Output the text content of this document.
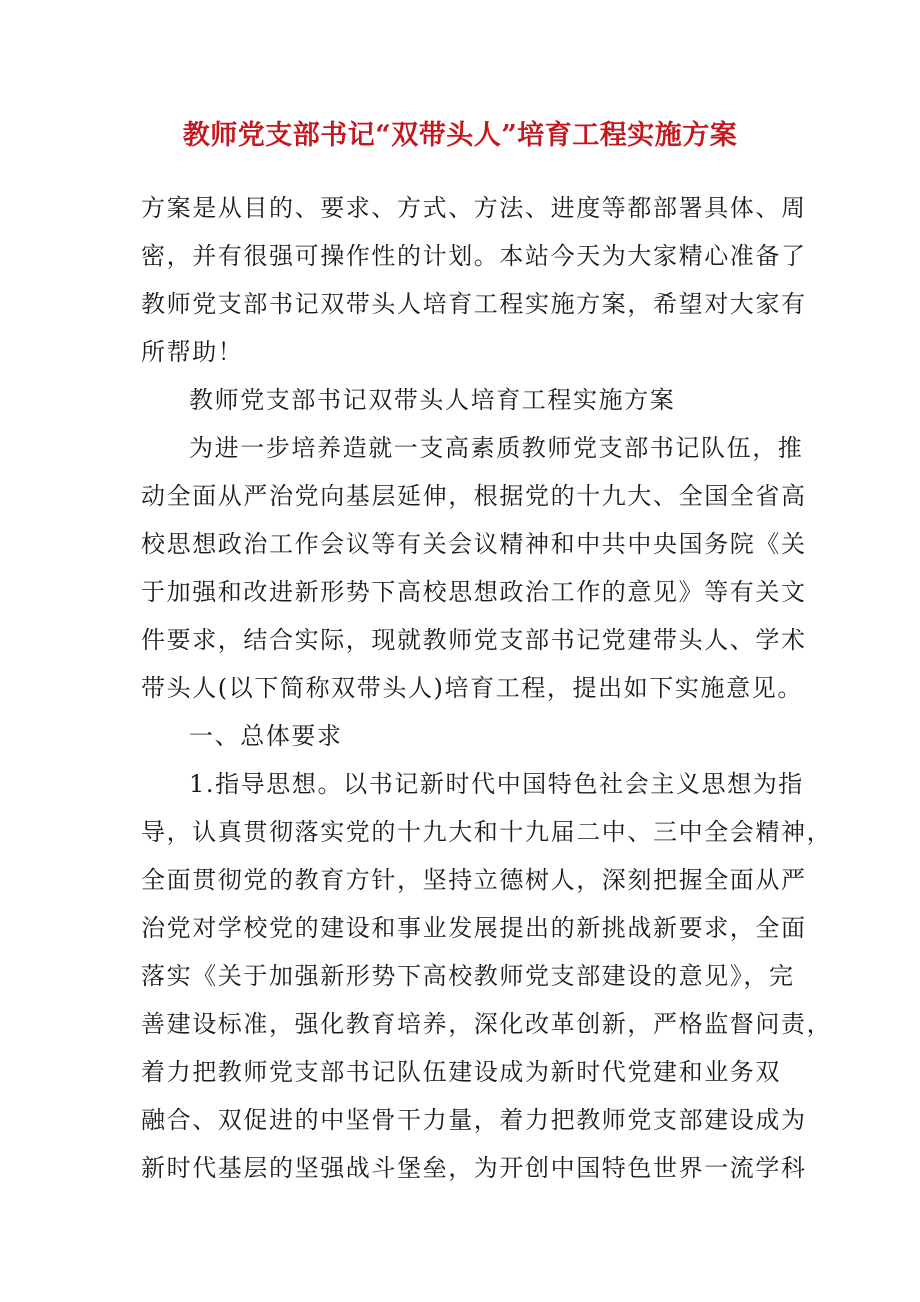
教师党支部书记“双带头人”培育工程实施方案
方案是从目的、要求、方式、方法、进度等都部署具体、周
密，并有很强可操作性的计划。本站今天为大家精心准备了
教师党支部书记双带头人培育工程实施方案，希望对大家有
所帮助！
教师党支部书记双带头人培育工程实施方案
为进一步培养造就一支高素质教师党支部书记队伍，推
动全面从严治党向基层延伸，根据党的十九大、全国全省高
校思想政治工作会议等有关会议精神和中共中央国务院《关
于加强和改进新形势下高校思想政治工作的意见》等有关文
件要求，结合实际，现就教师党支部书记党建带头人、学术
带头人(以下简称双带头人)培育工程，提出如下实施意见。
一、总体要求
1.指导思想。以书记新时代中国特色社会主义思想为指
导，认真贯彻落实党的十九大和十九届二中、三中全会精神，
全面贯彻党的教育方针，坚持立德树人，深刻把握全面从严
治党对学校党的建设和事业发展提出的新挑战新要求，全面
落实《关于加强新形势下高校教师党支部建设的意见》，完
善建设标准，强化教育培养，深化改革创新，严格监督问责，
着力把教师党支部书记队伍建设成为新时代党建和业务双
融合、双促进的中坚骨干力量，着力把教师党支部建设成为
新时代基层的坚强战斗堡垒，为开创中国特色世界一流学科
